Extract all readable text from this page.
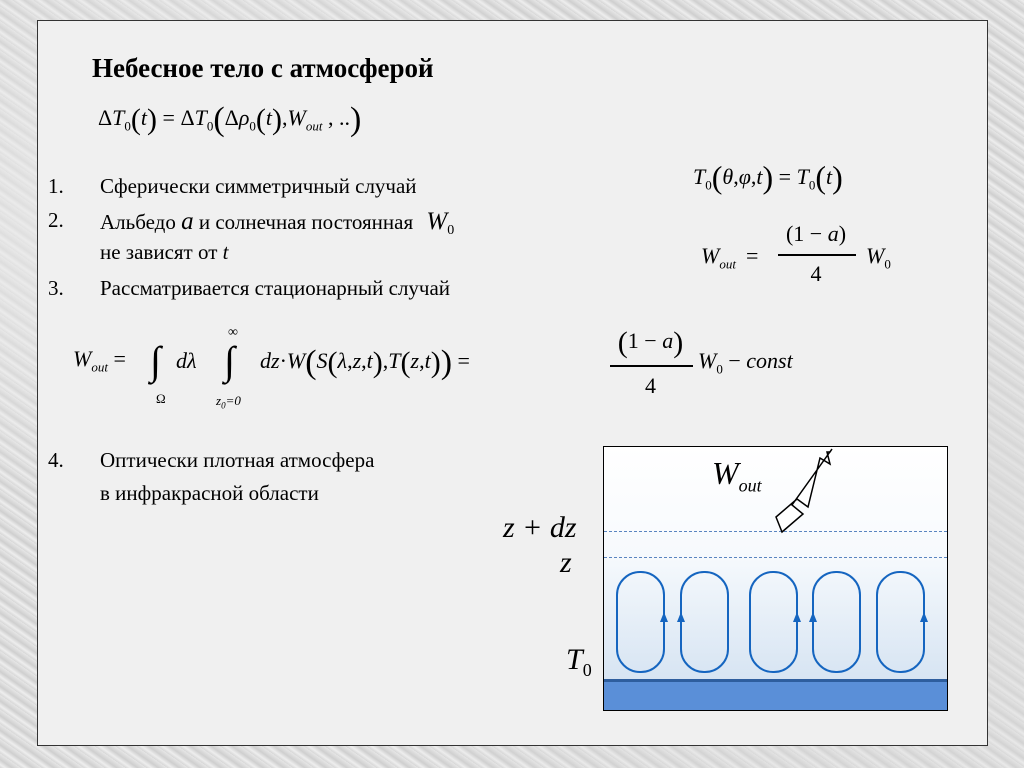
Небесное тело с атмосферой
$\Delta T_0(t) = \Delta T_0(\Delta\rho_0(t),W_{out}$ , ..)
1. Сферически симметричный случай
2. Альбедо a и солнечная постоянная $W_0$
не зависят от t
3. Рассматривается стационарный случай
$T_0(\theta,\varphi,t) = T_0(t)$
$W_{out}$ =
(1 − a)
4
$W_0$
$W_{out}$ = ∫
Ω
dλ
∞
∫
$z_0=0$
dz·W(S(λ,z,t),T(z,t)) =
(1 − a)
4
$W_0$ − const
4. Оптически плотная атмосфера
в инфракрасной области
z + dz
z
$T_0$
$W_{out}$
